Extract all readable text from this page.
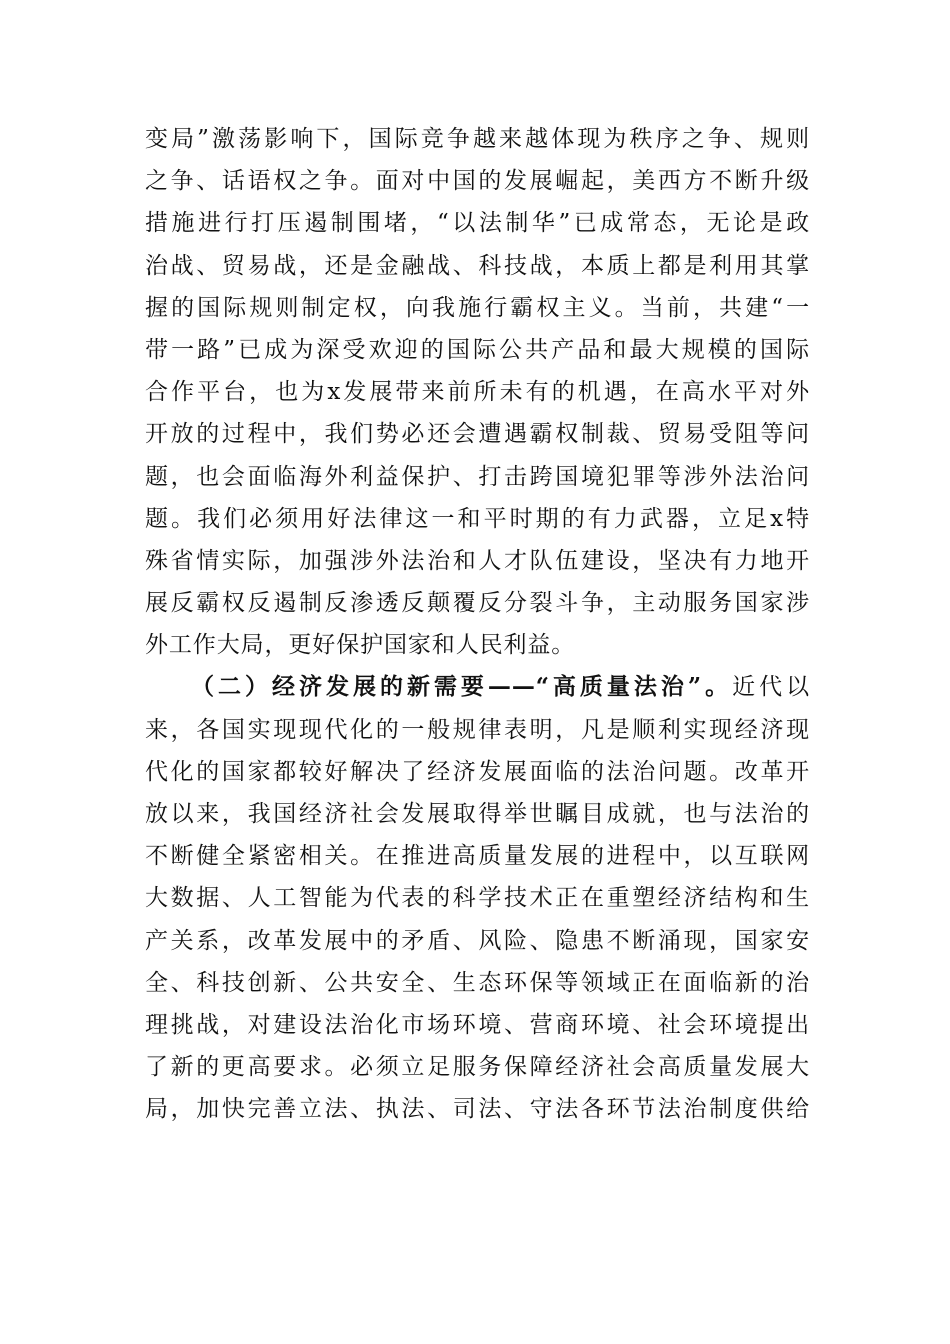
变局”激荡影响下，国际竞争越来越体现为秩序之争、规则
之争、话语权之争。面对中国的发展崛起，美西方不断升级
措施进行打压遏制围堵，“以法制华”已成常态，无论是政
治战、贸易战，还是金融战、科技战，本质上都是利用其掌
握的国际规则制定权，向我施行霸权主义。当前，共建“一
带一路”已成为深受欢迎的国际公共产品和最大规模的国际
合作平台，也为x发展带来前所未有的机遇，在高水平对外
开放的过程中，我们势必还会遭遇霸权制裁、贸易受阻等问
题，也会面临海外利益保护、打击跨国境犯罪等涉外法治问
题。我们必须用好法律这一和平时期的有力武器，立足x特
殊省情实际，加强涉外法治和人才队伍建设，坚决有力地开
展反霸权反遏制反渗透反颠覆反分裂斗争，主动服务国家涉
外工作大局，更好保护国家和人民利益。
（二）经济发展的新需要——“高质量法治”。近代以
来，各国实现现代化的一般规律表明，凡是顺利实现经济现
代化的国家都较好解决了经济发展面临的法治问题。改革开
放以来，我国经济社会发展取得举世瞩目成就，也与法治的
不断健全紧密相关。在推进高质量发展的进程中，以互联网
大数据、人工智能为代表的科学技术正在重塑经济结构和生
产关系，改革发展中的矛盾、风险、隐患不断涌现，国家安
全、科技创新、公共安全、生态环保等领域正在面临新的治
理挑战，对建设法治化市场环境、营商环境、社会环境提出
了新的更高要求。必须立足服务保障经济社会高质量发展大
局，加快完善立法、执法、司法、守法各环节法治制度供给
